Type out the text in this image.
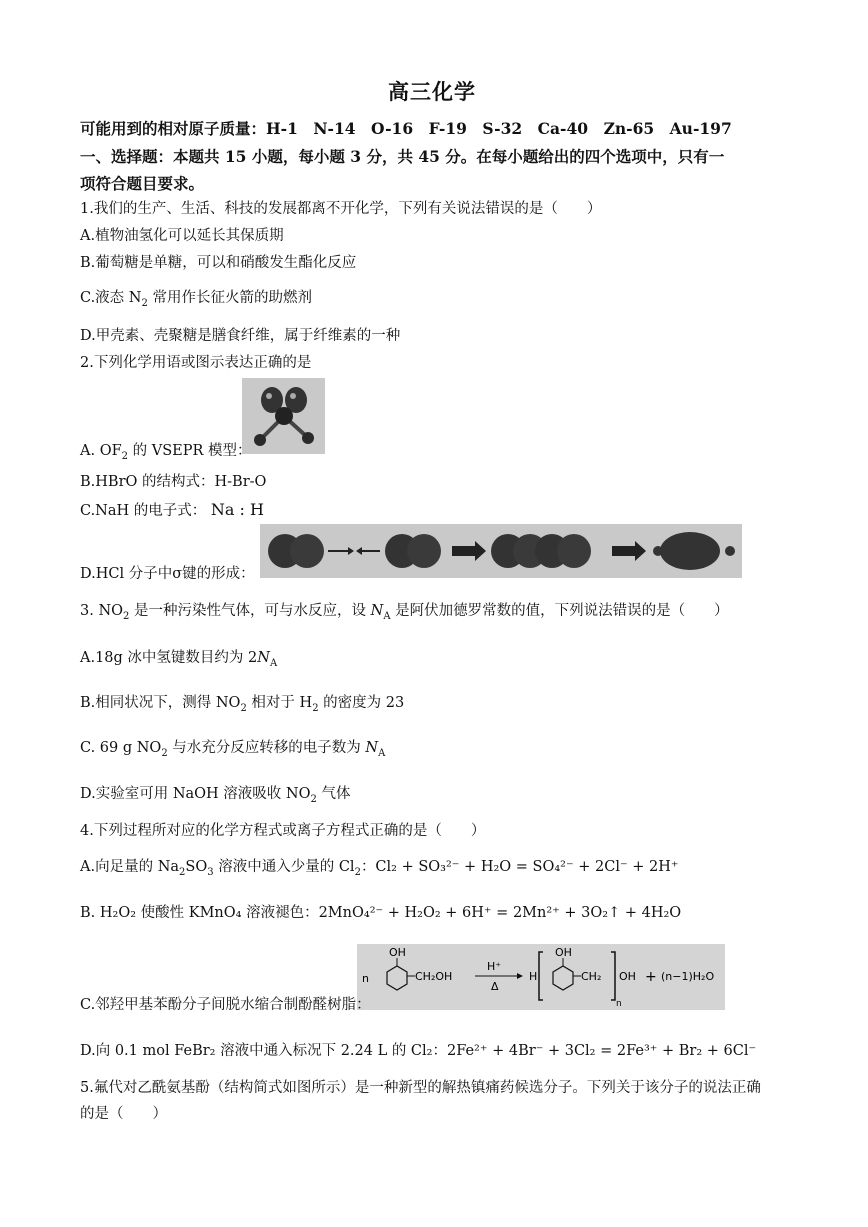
高三化学
可能用到的相对原子质量：H-1　N-14　O-16　F-19　S-32　Ca-40　Zn-65　Au-197
一、选择题：本题共 15 小题，每小题 3 分，共 45 分。在每小题给出的四个选项中，只有一
项符合题目要求。
1.我们的生产、生活、科技的发展都离不开化学，下列有关说法错误的是（　　）
A.植物油氢化可以延长其保质期
B.葡萄糖是单糖，可以和硝酸发生酯化反应
C.液态 $N_2$ 常用作长征火箭的助燃剂
D.甲壳素、壳聚糖是膳食纤维，属于纤维素的一种
2.下列化学用语或图示表达正确的是
A. $OF_2$ 的 VSEPR 模型：
B.HBrO 的结构式：H-Br-O
C.NaH 的电子式： Na : H
D.HCl 分子中σ键的形成：
3. $NO_2$ 是一种污染性气体，可与水反应，设 $N_A$ 是阿伏加德罗常数的值，下列说法错误的是（　　）
A.18g 冰中氢键数目约为 $2N_A$
B.相同状况下，测得 $NO_2$ 相对于 $H_2$ 的密度为 23
C. 69 g $NO_2$ 与水充分反应转移的电子数为 $N_A$
D.实验室可用 NaOH 溶液吸收 $NO_2$ 气体
4.下列过程所对应的化学方程式或离子方程式正确的是（　　）
A.向足量的 $Na_2SO_3$ 溶液中通入少量的 $Cl_2$：Cl₂ + SO₃²⁻ + H₂O = SO₄²⁻ + 2Cl⁻ + 2H⁺
B. H₂O₂ 使酸性 KMnO₄ 溶液褪色：2MnO₄²⁻ + H₂O₂ + 6H⁺ = 2Mn²⁺ + 3O₂↑ + 4H₂O
n
OH
CH₂OH
H⁺
Δ
H
OH
CH₂ OH
n
+ (n−1)H₂O
C.邻羟甲基苯酚分子间脱水缩合制酚醛树脂：
D.向 0.1 mol FeBr₂ 溶液中通入标况下 2.24 L 的 Cl₂：2Fe²⁺ + 4Br⁻ + 3Cl₂ = 2Fe³⁺ + Br₂ + 6Cl⁻
5.氟代对乙酰氨基酚（结构简式如图所示）是一种新型的解热镇痛药候选分子。下列关于该分子的说法正确
的是（　　）
